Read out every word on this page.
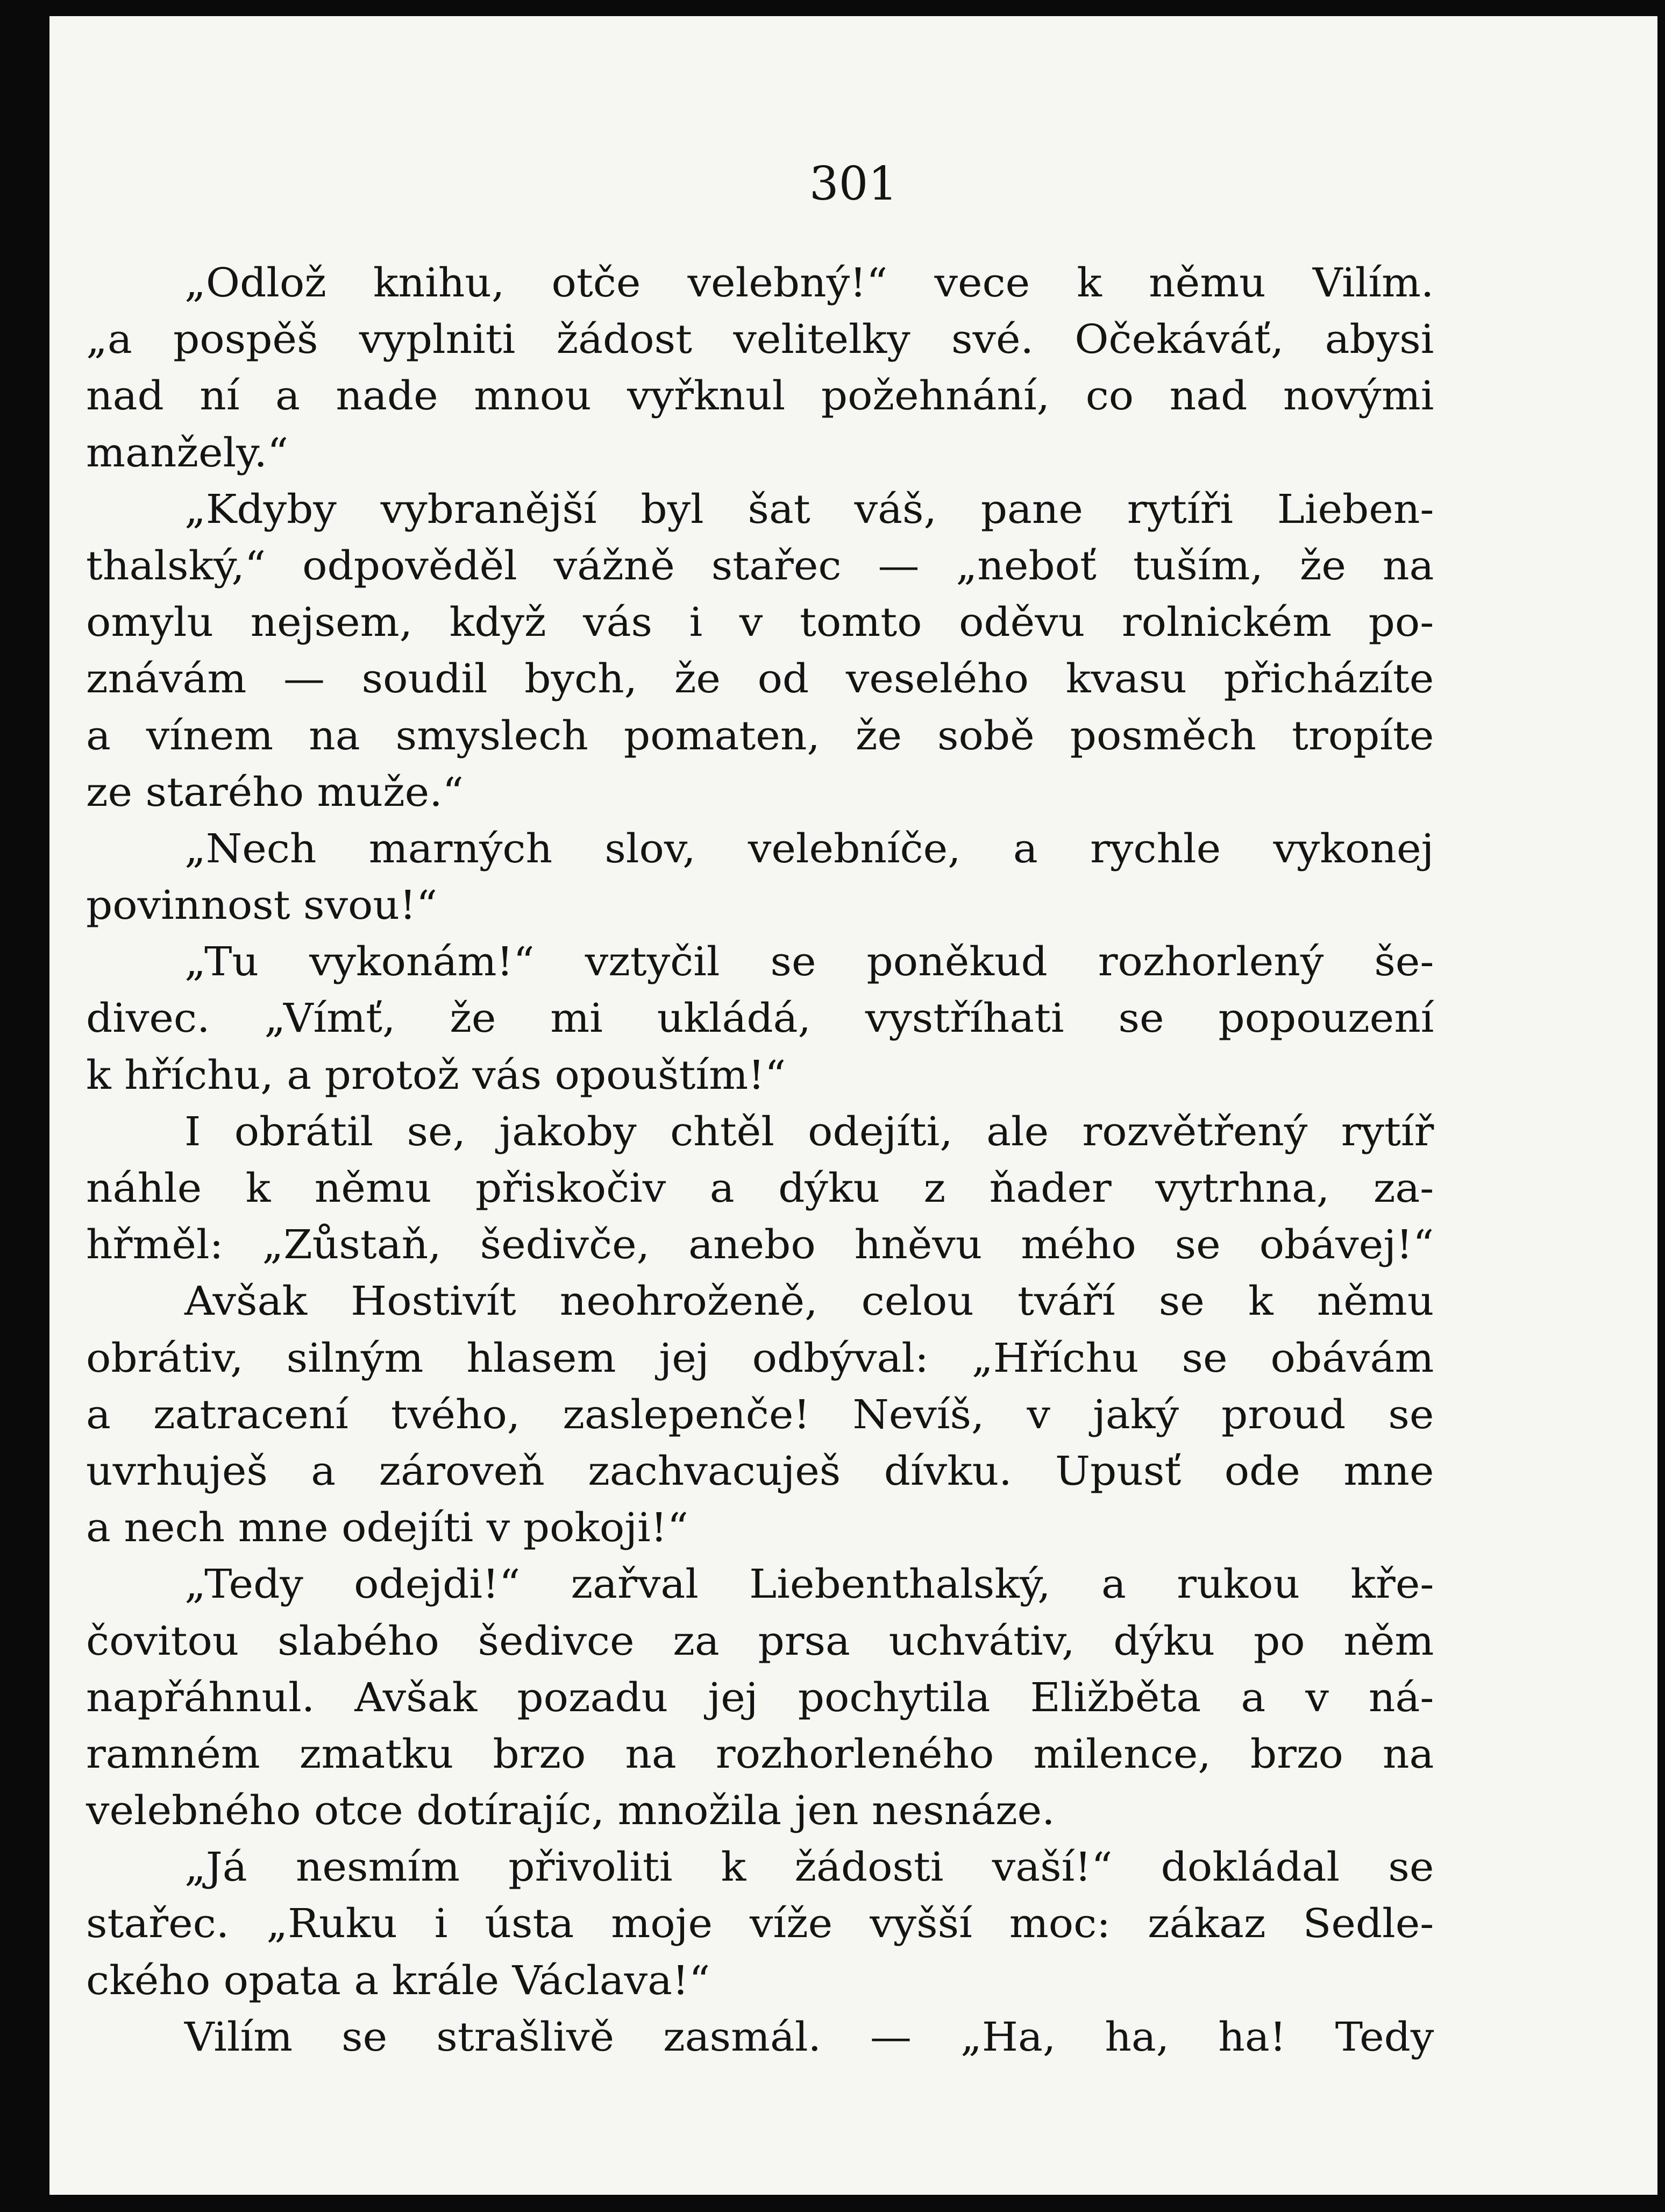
301

„Odlož knihu, otče velebný!“ vece k němu Vilím.
„a pospěš vyplniti žádost velitelky své. Očekáváť, abysi
nad ní a nade mnou vyřknul požehnání, co nad novými
manžely.“
„Kdyby vybranější byl šat váš, pane rytíři Lieben-
thalský,“ odpověděl vážně stařec — „neboť tuším, že na
omylu nejsem, když vás i v tomto oděvu rolnickém po-
znávám — soudil bych, že od veselého kvasu přicházíte
a vínem na smyslech pomaten, že sobě posměch tropíte
ze starého muže.“
„Nech marných slov, velebníče, a rychle vykonej
povinnost svou!“
„Tu vykonám!“ vztyčil se poněkud rozhorlený še-
divec. „Vímť, že mi ukládá, vystříhati se popouzení
k hříchu, a protož vás opouštím!“
I obrátil se, jakoby chtěl odejíti, ale rozvětřený rytíř
náhle k němu přiskočiv a dýku z ňader vytrhna, za-
hřměl: „Zůstaň, šedivče, anebo hněvu mého se obávej!“
Avšak Hostivít neohroženě, celou tváří se k němu
obrátiv, silným hlasem jej odbýval: „Hříchu se obávám
a zatracení tvého, zaslepenče! Nevíš, v jaký proud se
uvrhuješ a zároveň zachvacuješ dívku. Upusť ode mne
a nech mne odejíti v pokoji!“
„Tedy odejdi!“ zařval Liebenthalský, a rukou kře-
čovitou slabého šedivce za prsa uchvátiv, dýku po něm
napřáhnul. Avšak pozadu jej pochytila Eližběta a v ná-
ramném zmatku brzo na rozhorleného milence, brzo na
velebného otce dotírajíc, množila jen nesnáze.
„Já nesmím přivoliti k žádosti vaší!“ dokládal se
stařec. „Ruku i ústa moje víže vyšší moc: zákaz Sedle-
ckého opata a krále Václava!“
Vilím se strašlivě zasmál. — „Ha, ha, ha! Tedy
